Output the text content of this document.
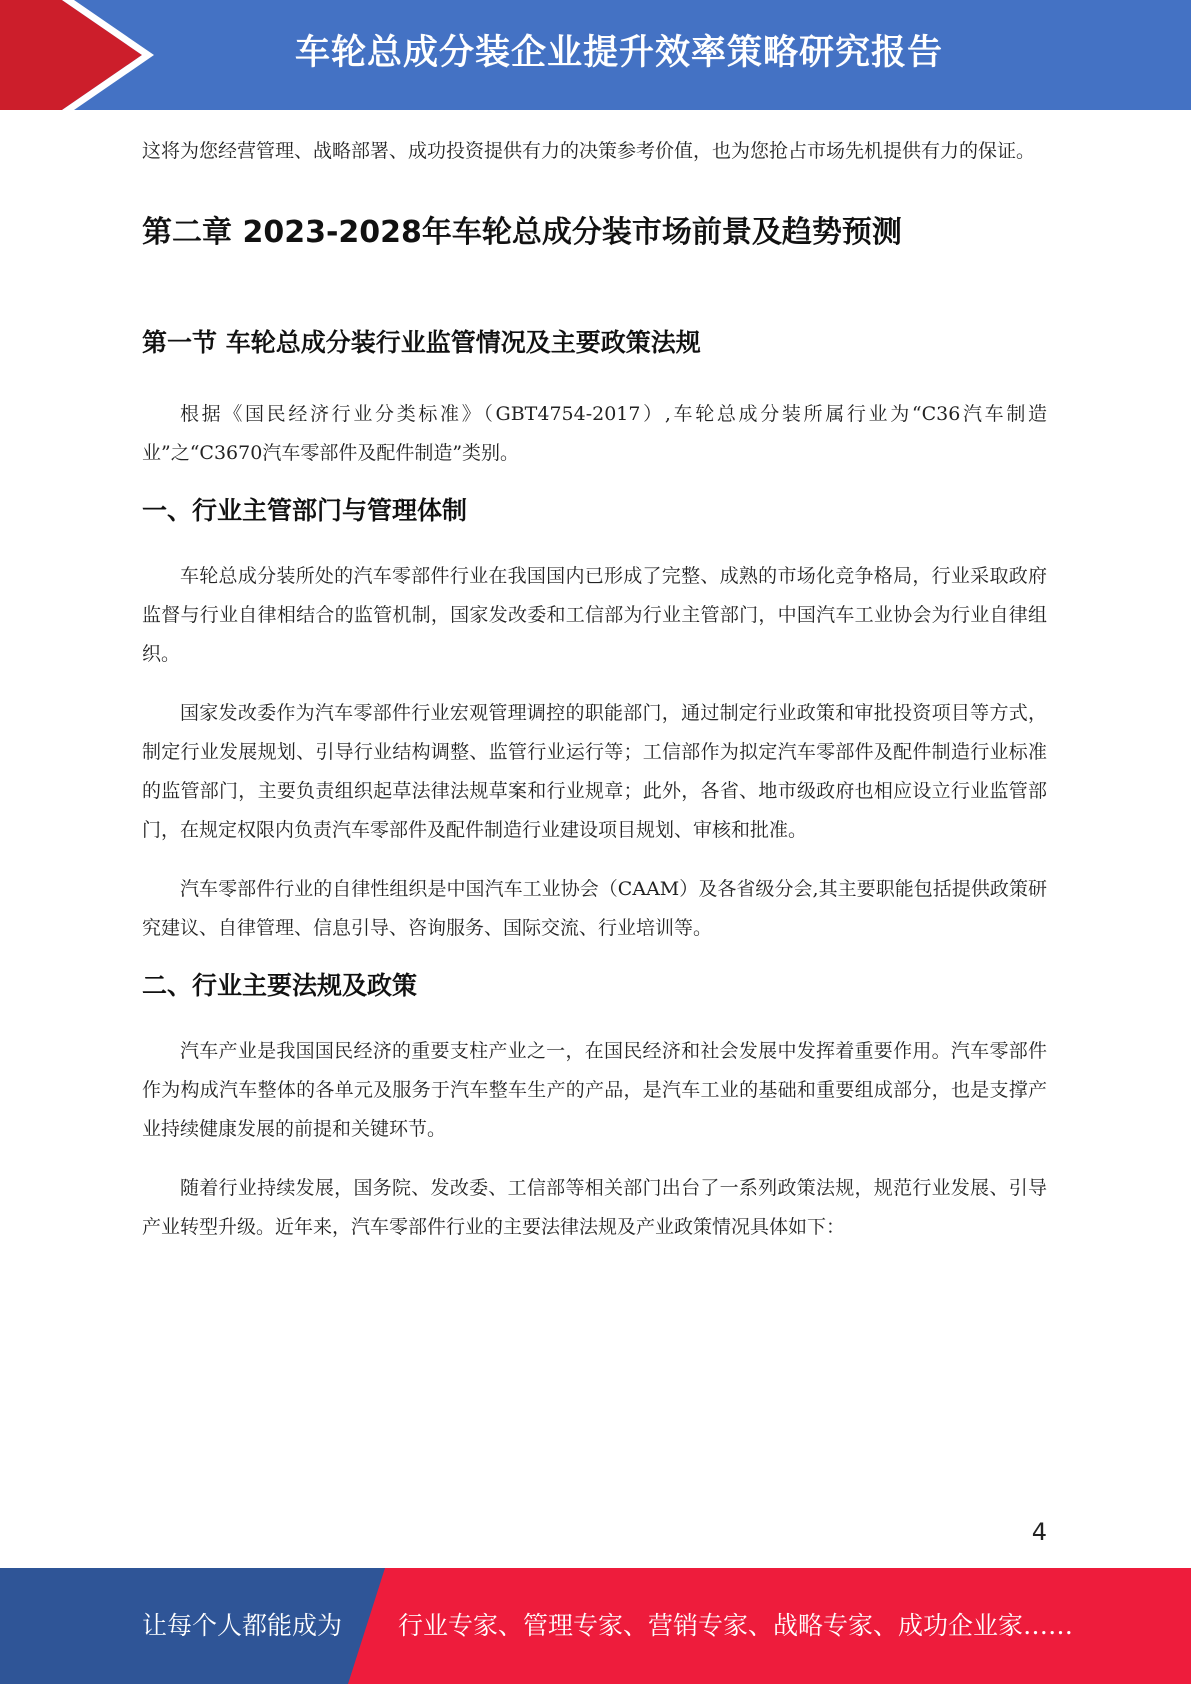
车轮总成分装企业提升效率策略研究报告

这将为您经营管理、战略部署、成功投资提供有力的决策参考价值，也为您抢占市场先机提供有力的保证。

第二章 2023-2028年车轮总成分装市场前景及趋势预测
第一节 车轮总成分装行业监管情况及主要政策法规

根据《国民经济行业分类标准》（GBT4754-2017）,车轮总成分装所属行业为“C36汽车制造业”之“C3670汽车零部件及配件制造”类别。

一、行业主管部门与管理体制

车轮总成分装所处的汽车零部件行业在我国国内已形成了完整、成熟的市场化竞争格局，行业采取政府监督与行业自律相结合的监管机制，国家发改委和工信部为行业主管部门，中国汽车工业协会为行业自律组织。

国家发改委作为汽车零部件行业宏观管理调控的职能部门，通过制定行业政策和审批投资项目等方式，制定行业发展规划、引导行业结构调整、监管行业运行等；工信部作为拟定汽车零部件及配件制造行业标准的监管部门，主要负责组织起草法律法规草案和行业规章；此外，各省、地市级政府也相应设立行业监管部门，在规定权限内负责汽车零部件及配件制造行业建设项目规划、审核和批准。

汽车零部件行业的自律性组织是中国汽车工业协会（CAAM）及各省级分会,其主要职能包括提供政策研究建议、自律管理、信息引导、咨询服务、国际交流、行业培训等。

二、行业主要法规及政策

汽车产业是我国国民经济的重要支柱产业之一，在国民经济和社会发展中发挥着重要作用。汽车零部件作为构成汽车整体的各单元及服务于汽车整车生产的产品，是汽车工业的基础和重要组成部分，也是支撑产业持续健康发展的前提和关键环节。

随着行业持续发展，国务院、发改委、工信部等相关部门出台了一系列政策法规，规范行业发展、引导产业转型升级。近年来，汽车零部件行业的主要法律法规及产业政策情况具体如下：

4
让每个人都能成为 行业专家、管理专家、营销专家、战略专家、成功企业家……
